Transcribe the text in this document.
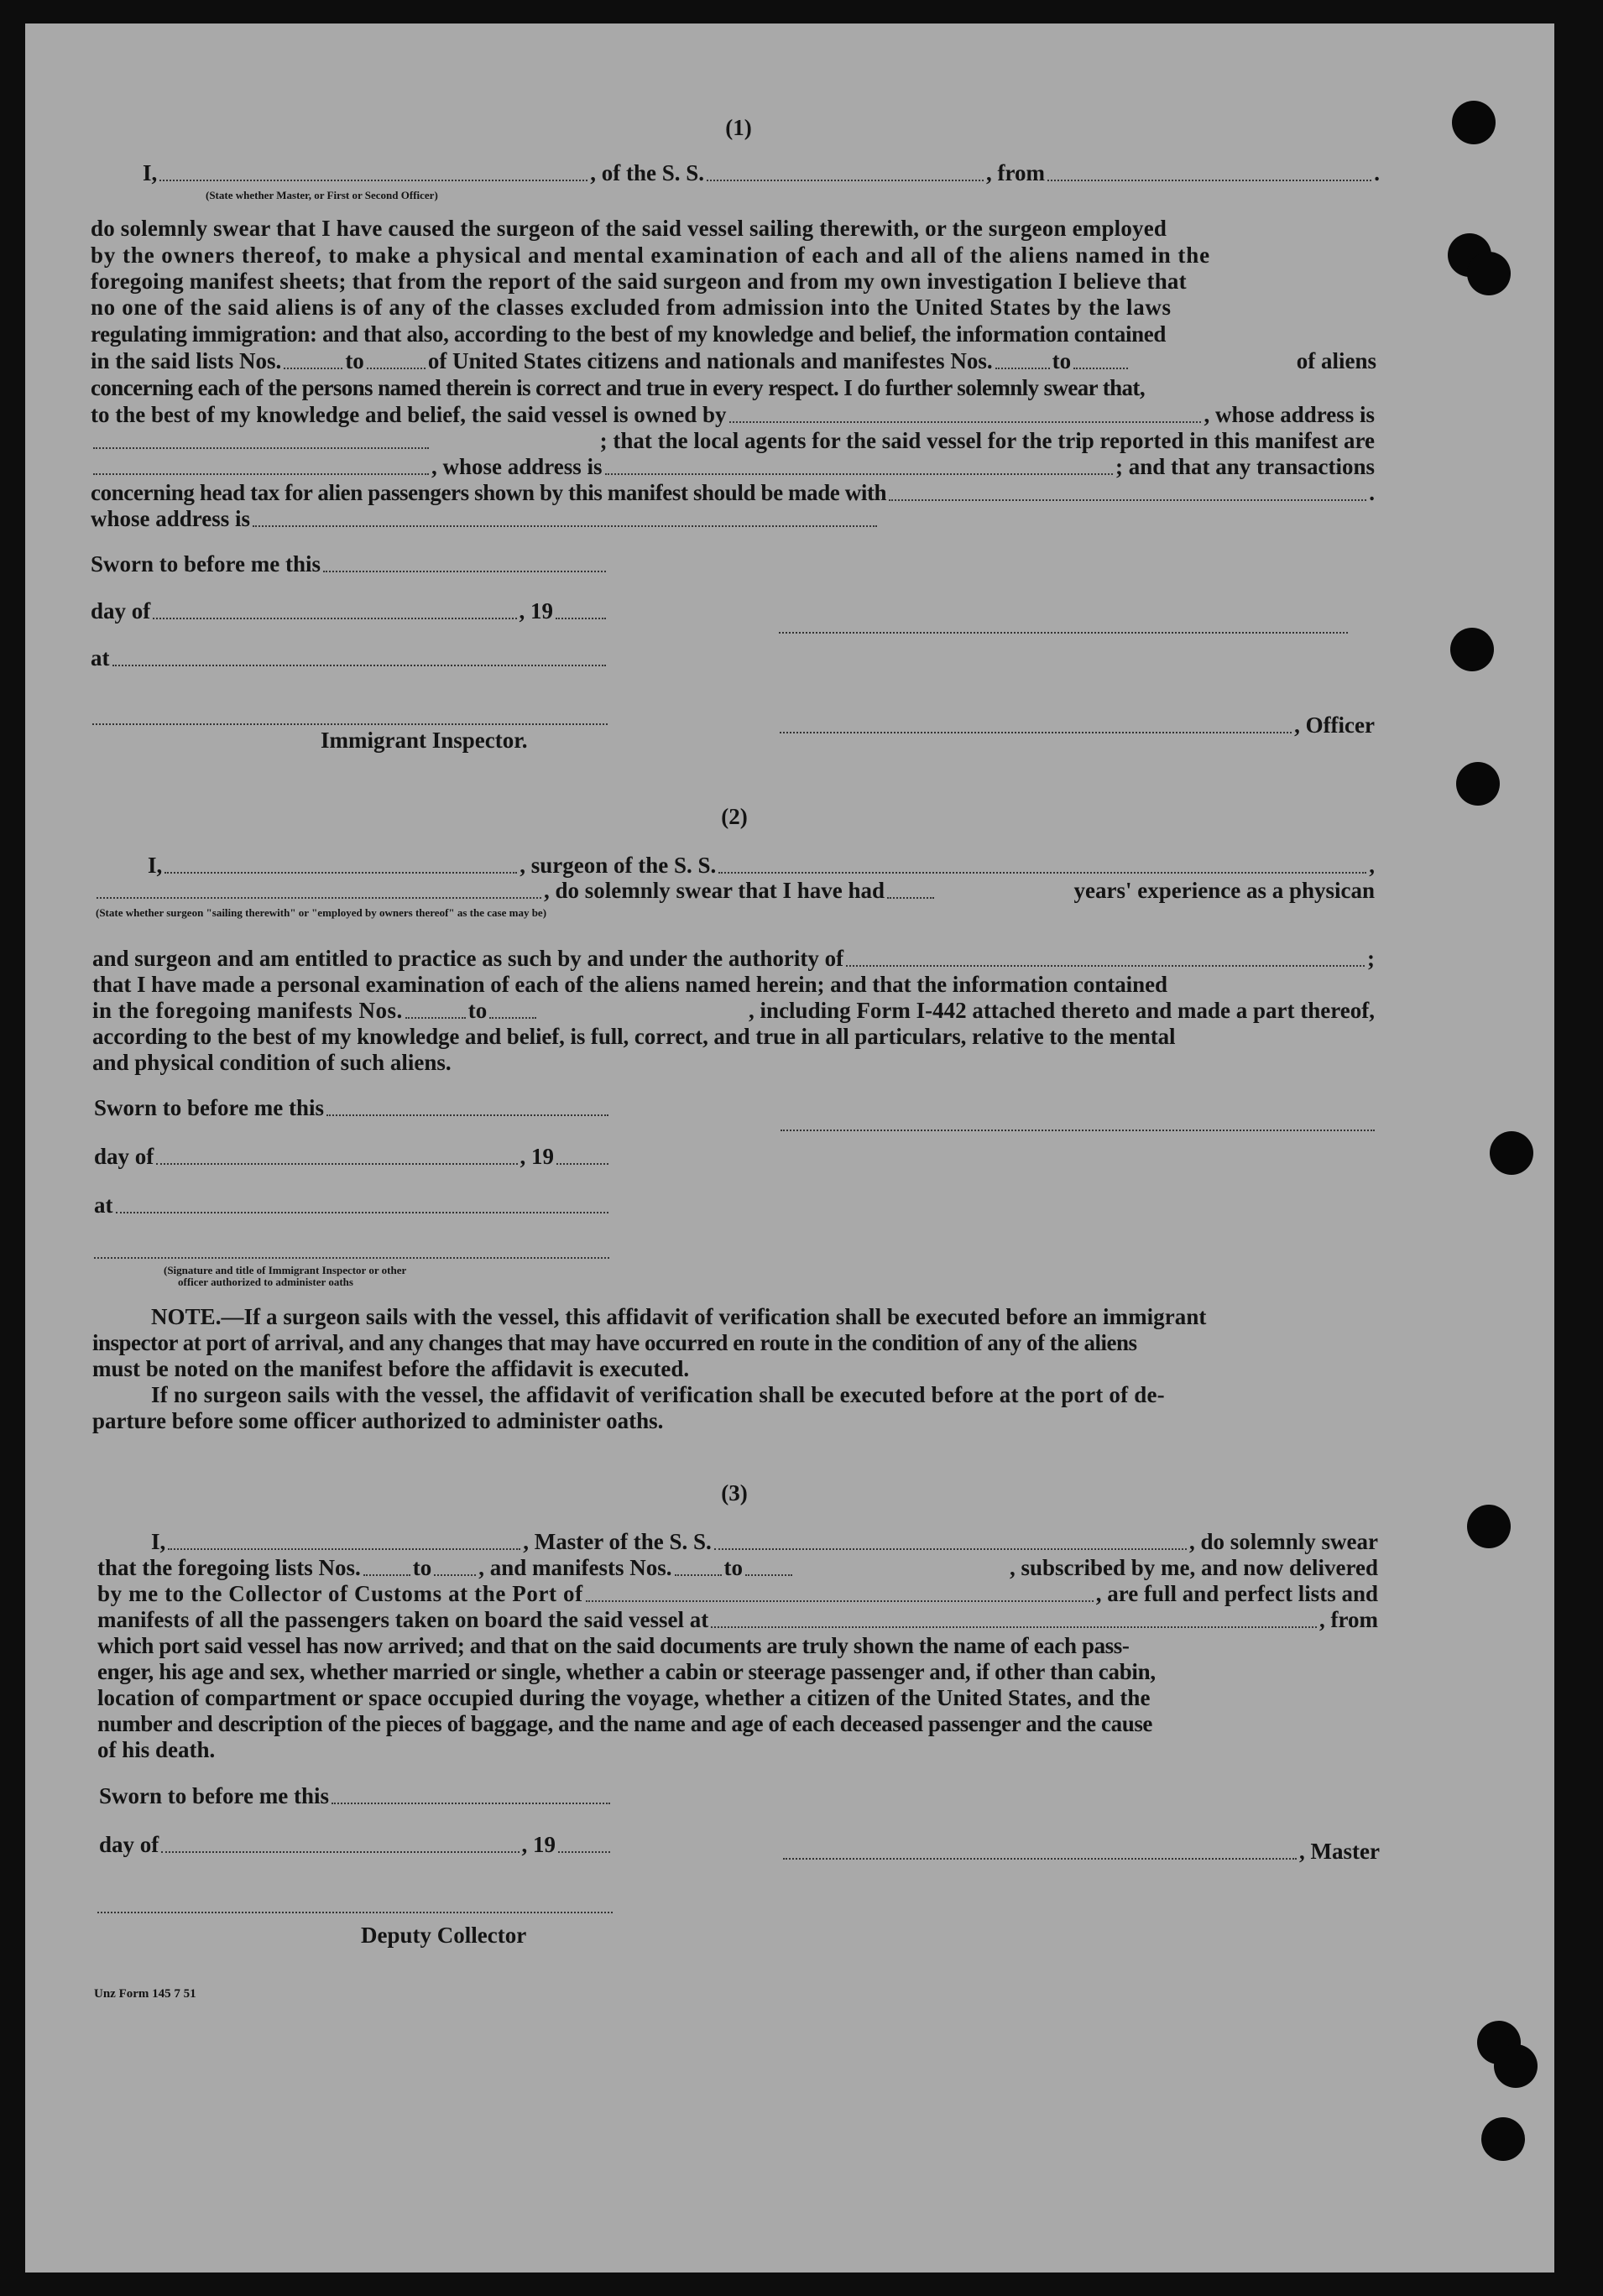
(1)
I,	, of the S. S.	, from	.
(State whether Master, or First or Second Officer)
do solemnly swear that I have caused the surgeon of the said vessel sailing therewith, or the surgeon employed
by the owners thereof, to make a physical and mental examination of each and all of the aliens named in the
foregoing manifest sheets; that from the report of the said surgeon and from my own investigation I believe that
no one of the said aliens is of any of the classes excluded from admission into the United States by the laws
regulating immigration: and that also, according to the best of my knowledge and belief, the information contained
in the said lists Nos.	to	of United States citizens and nationals and manifestes Nos.	to	of aliens
concerning each of the persons named therein is correct and true in every respect. I do further solemnly swear that,
to the best of my knowledge and belief, the said vessel is owned by	, whose address is
; that the local agents for the said vessel for the trip reported in this manifest are
, whose address is	; and that any transactions
concerning head tax for alien passengers shown by this manifest should be made with	.
whose address is
Sworn to before me this
day of	, 19
at
Immigrant Inspector.
, Officer
(2)
I,	, surgeon of the S. S.	,
, do solemnly swear that I have had	years' experience as a physican
(State whether surgeon "sailing therewith" or "employed by owners thereof" as the case may be)
and surgeon and am entitled to practice as such by and under the authority of	;
that I have made a personal examination of each of the aliens named herein; and that the information contained
in the foregoing manifests Nos.	to	, including Form I-442 attached thereto and made a part thereof,
according to the best of my knowledge and belief, is full, correct, and true in all particulars, relative to the mental
and physical condition of such aliens.
Sworn to before me this
day of	, 19
at
(Signature and title of Immigrant Inspector or other
officer authorized to administer oaths
NOTE.—If a surgeon sails with the vessel, this affidavit of verification shall be executed before an immigrant
inspector at port of arrival, and any changes that may have occurred en route in the condition of any of the aliens
must be noted on the manifest before the affidavit is executed.
If no surgeon sails with the vessel, the affidavit of verification shall be executed before at the port of de-
parture before some officer authorized to administer oaths.
(3)
I,	, Master of the S. S.	, do solemnly swear
that the foregoing lists Nos. to , and manifests Nos. to	, subscribed by me, and now delivered
by me to the Collector of Customs at the Port of	, are full and perfect lists and
manifests of all the passengers taken on board the said vessel at	, from
which port said vessel has now arrived; and that on the said documents are truly shown the name of each pass-
enger, his age and sex, whether married or single, whether a cabin or steerage passenger and, if other than cabin,
location of compartment or space occupied during the voyage, whether a citizen of the United States, and the
number and description of the pieces of baggage, and the name and age of each deceased passenger and the cause
of his death.
Sworn to before me this
day of	, 19	, Master
Deputy Collector
Unz Form 145 7 51
